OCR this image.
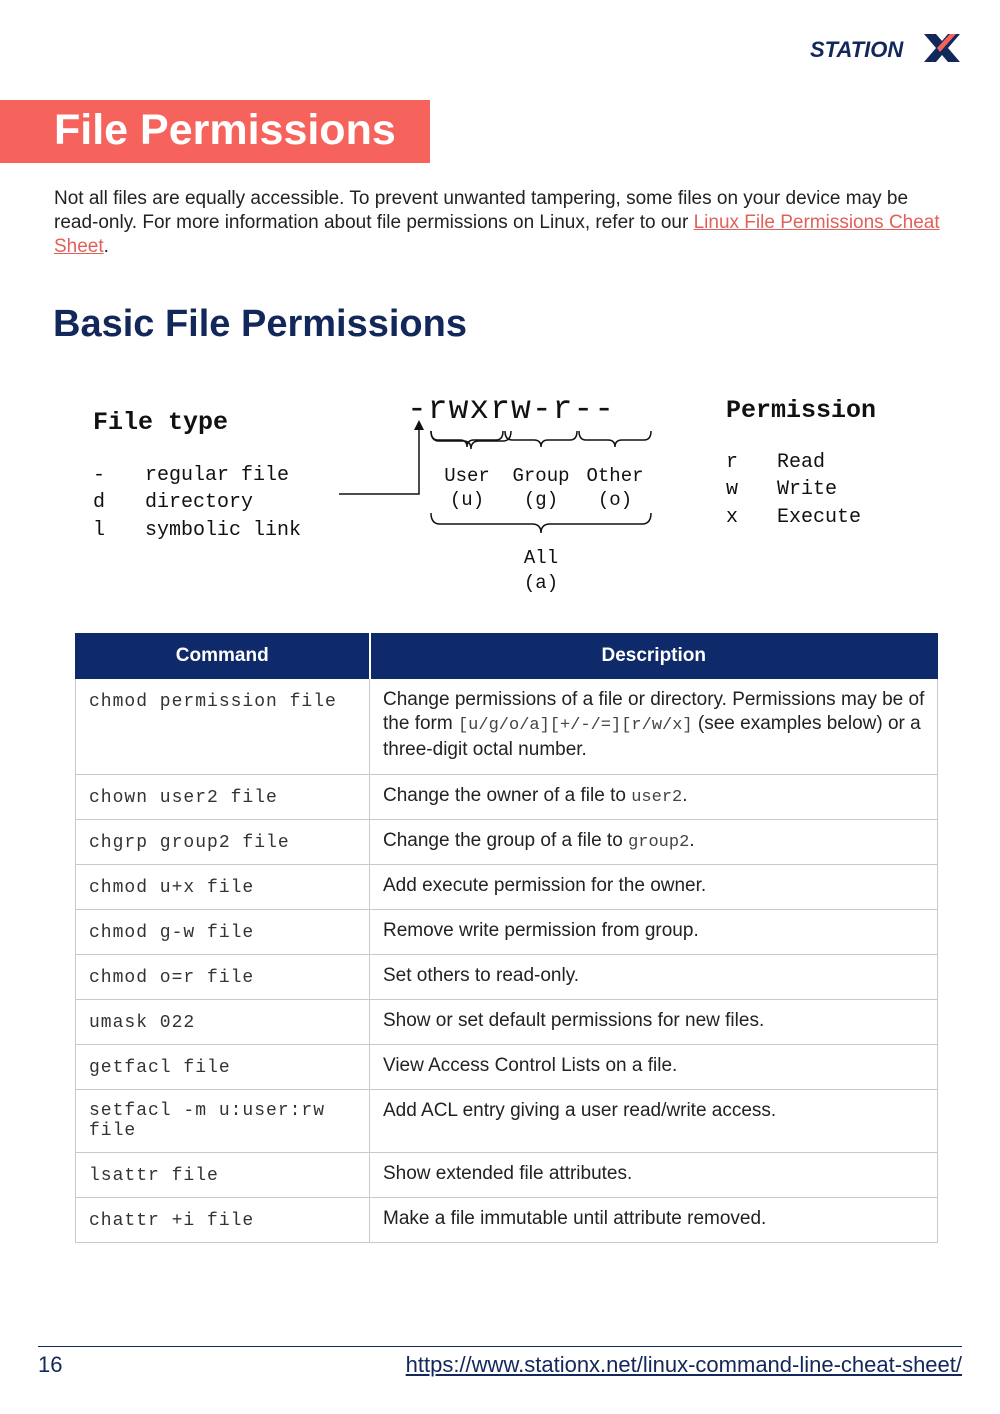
STATION
File Permissions
Not all files are equally accessible. To prevent unwanted tampering, some files on your device may be read-only. For more information about file permissions on Linux, refer to our Linux File Permissions Cheat Sheet.
Basic File Permissions
File type
- regular file
d directory
l symbolic link
-rwxrw-r--
User
(u)
Group
(g)
Other
(o)
All
(a)
Permission
r Read
w Write
x Execute
Command	Description
chmod permission file	Change permissions of a file or directory. Permissions may be of the form [u/g/o/a][+/-/=][r/w/x] (see examples below) or a three-digit octal number.
chown user2 file	Change the owner of a file to user2.
chgrp group2 file	Change the group of a file to group2.
chmod u+x file	Add execute permission for the owner.
chmod g-w file	Remove write permission from group.
chmod o=r file	Set others to read-only.
umask 022	Show or set default permissions for new files.
getfacl file	View Access Control Lists on a file.
setfacl -m u:user:rw file	Add ACL entry giving a user read/write access.
lsattr file	Show extended file attributes.
chattr +i file	Make a file immutable until attribute removed.
16	https://www.stationx.net/linux-command-line-cheat-sheet/
